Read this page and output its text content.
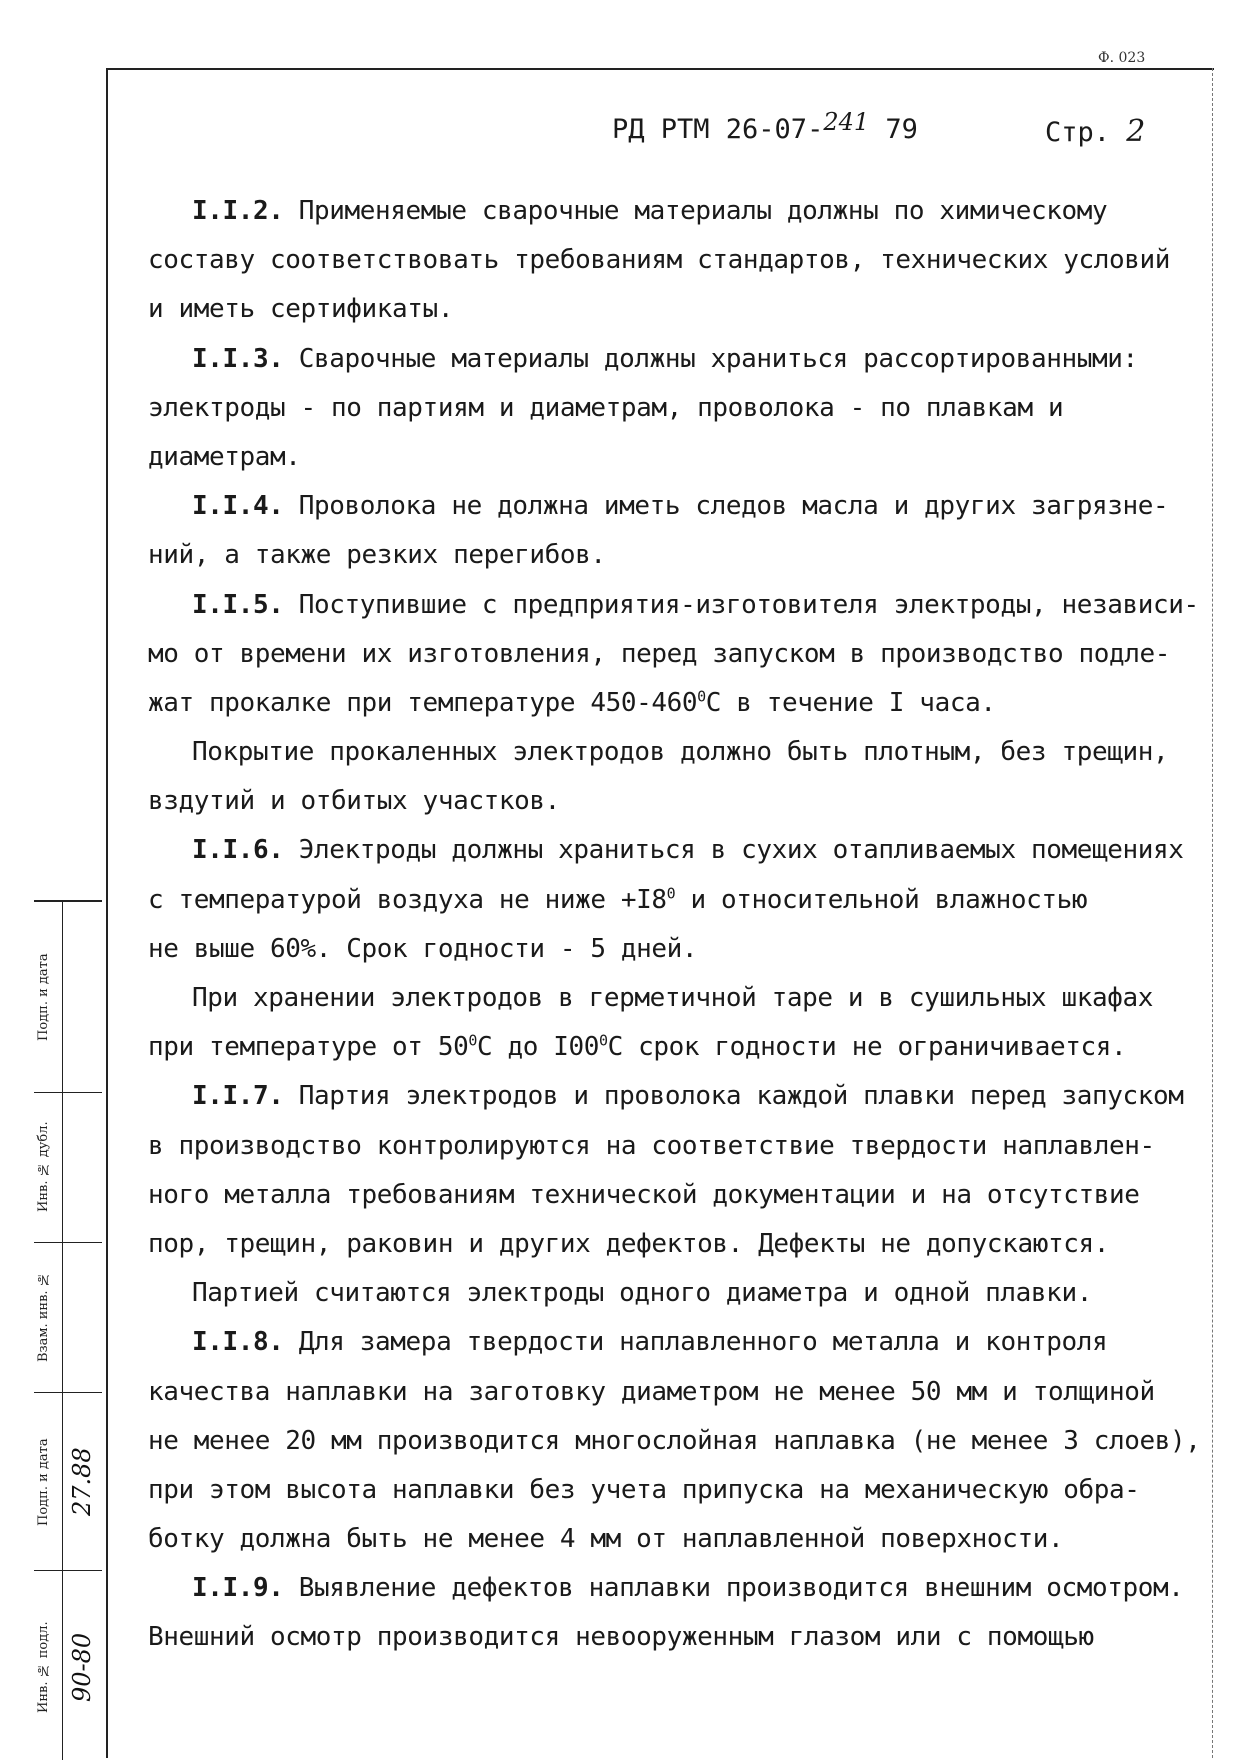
Ф. 023
РД РТМ 26-07-241 79	Стр. 2
I.I.2. Применяемые сварочные материалы должны по химическому
составу соответствовать требованиям стандартов, технических условий
и иметь сертификаты.
I.I.3. Сварочные материалы должны храниться рассортированными:
электроды - по партиям и диаметрам, проволока - по плавкам и
диаметрам.
I.I.4. Проволока не должна иметь следов масла и других загрязне-
ний, а также резких перегибов.
I.I.5. Поступившие с предприятия-изготовителя электроды, независи-
мо от времени их изготовления, перед запуском в производство подле-
жат прокалке при температуре $450-460^0С$ в течение I часа.
Покрытие прокаленных электродов должно быть плотным, без трещин,
вздутий и отбитых участков.
I.I.6. Электроды должны храниться в сухих отапливаемых помещениях
с температурой воздуха не ниже $+I8^0$ и относительной влажностью
не выше 60%. Срок годности - 5 дней.
При хранении электродов в герметичной таре и в сушильных шкафах
при температуре от $50^0С$ до $I00^0С$ срок годности не ограничивается.
I.I.7. Партия электродов и проволока каждой плавки перед запуском
в производство контролируются на соответствие твердости наплавлен-
ного металла требованиям технической документации и на отсутствие
пор, трещин, раковин и других дефектов. Дефекты не допускаются.
Партией считаются электроды одного диаметра и одной плавки.
I.I.8. Для замера твердости наплавленного металла и контроля
качества наплавки на заготовку диаметром не менее 50 мм и толщиной
не менее 20 мм производится многослойная наплавка (не менее 3 слоев),
при этом высота наплавки без учета припуска на механическую обра-
ботку должна быть не менее 4 мм от наплавленной поверхности.
I.I.9. Выявление дефектов наплавки производится внешним осмотром.
Внешний осмотр производится невооруженным глазом или с помощью
Подп. и дата
Инв. № дубл.
Взам. инв. №
Подп. и дата
Инв. № подл.
27.88
90-80
